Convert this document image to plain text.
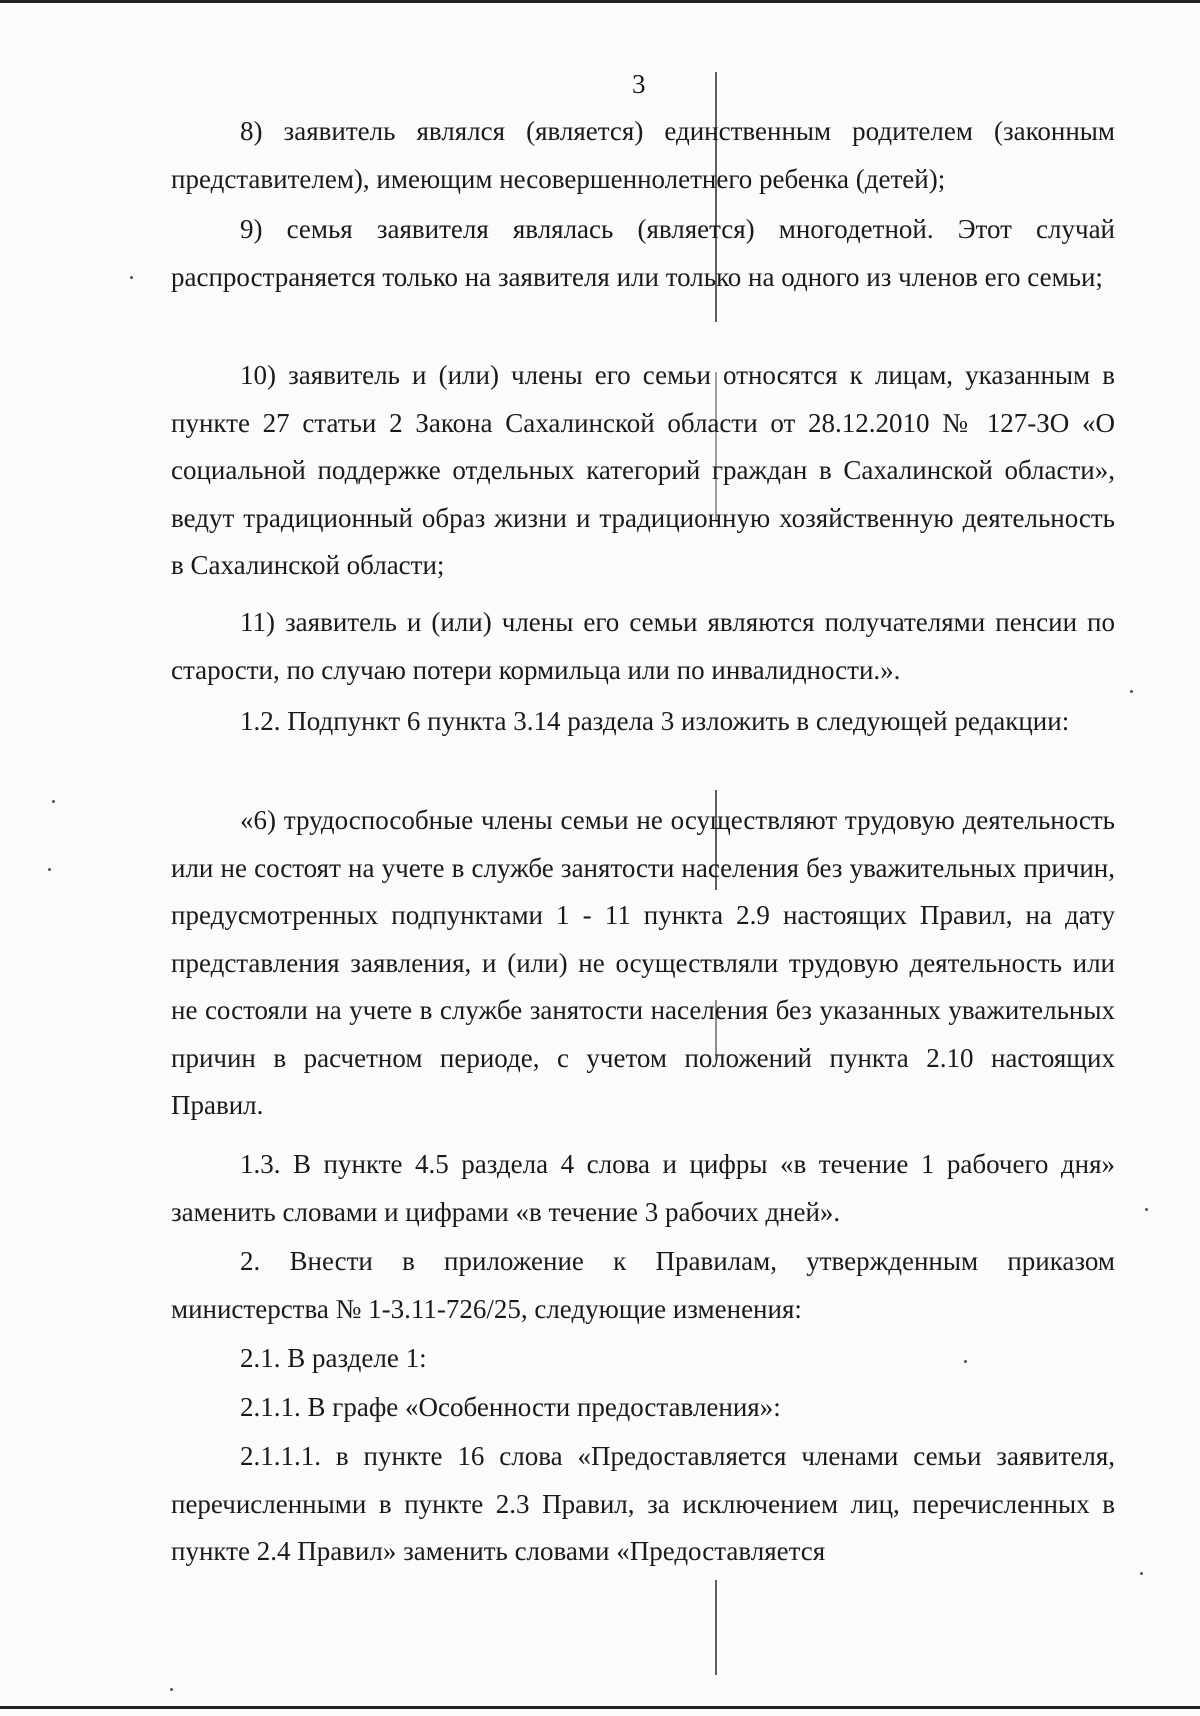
3

8) заявитель являлся (является) единственным родителем (законным представителем), имеющим несовершеннолетнего ребенка (детей);

9) семья заявителя являлась (является) многодетной. Этот случай распространяется только на заявителя или только на одного из членов его семьи;

10) заявитель и (или) члены его семьи относятся к лицам, указанным в пункте 27 статьи 2 Закона Сахалинской области от 28.12.2010 № 127-ЗО «О социальной поддержке отдельных категорий граждан в Сахалинской области», ведут традиционный образ жизни и традиционную хозяйственную деятельность в Сахалинской области;

11) заявитель и (или) члены его семьи являются получателями пенсии по старости, по случаю потери кормильца или по инвалидности.».

1.2. Подпункт 6 пункта 3.14 раздела 3 изложить в следующей редакции:

«6) трудоспособные члены семьи не осуществляют трудовую деятельность или не состоят на учете в службе занятости населения без уважительных причин, предусмотренных подпунктами 1 - 11 пункта 2.9 настоящих Правил, на дату представления заявления, и (или) не осуществляли трудовую деятельность или не состояли на учете в службе занятости населения без указанных уважительных причин в расчетном периоде, с учетом положений пункта 2.10 настоящих Правил.

1.3. В пункте 4.5 раздела 4 слова и цифры «в течение 1 рабочего дня» заменить словами и цифрами «в течение 3 рабочих дней».

2. Внести в приложение к Правилам, утвержденным приказом министерства № 1-3.11-726/25, следующие изменения:

2.1. В разделе 1:

2.1.1. В графе «Особенности предоставления»:

2.1.1.1. в пункте 16 слова «Предоставляется членами семьи заявителя, перечисленными в пункте 2.3 Правил, за исключением лиц, перечисленных в пункте 2.4 Правил» заменить словами «Предоставляется
